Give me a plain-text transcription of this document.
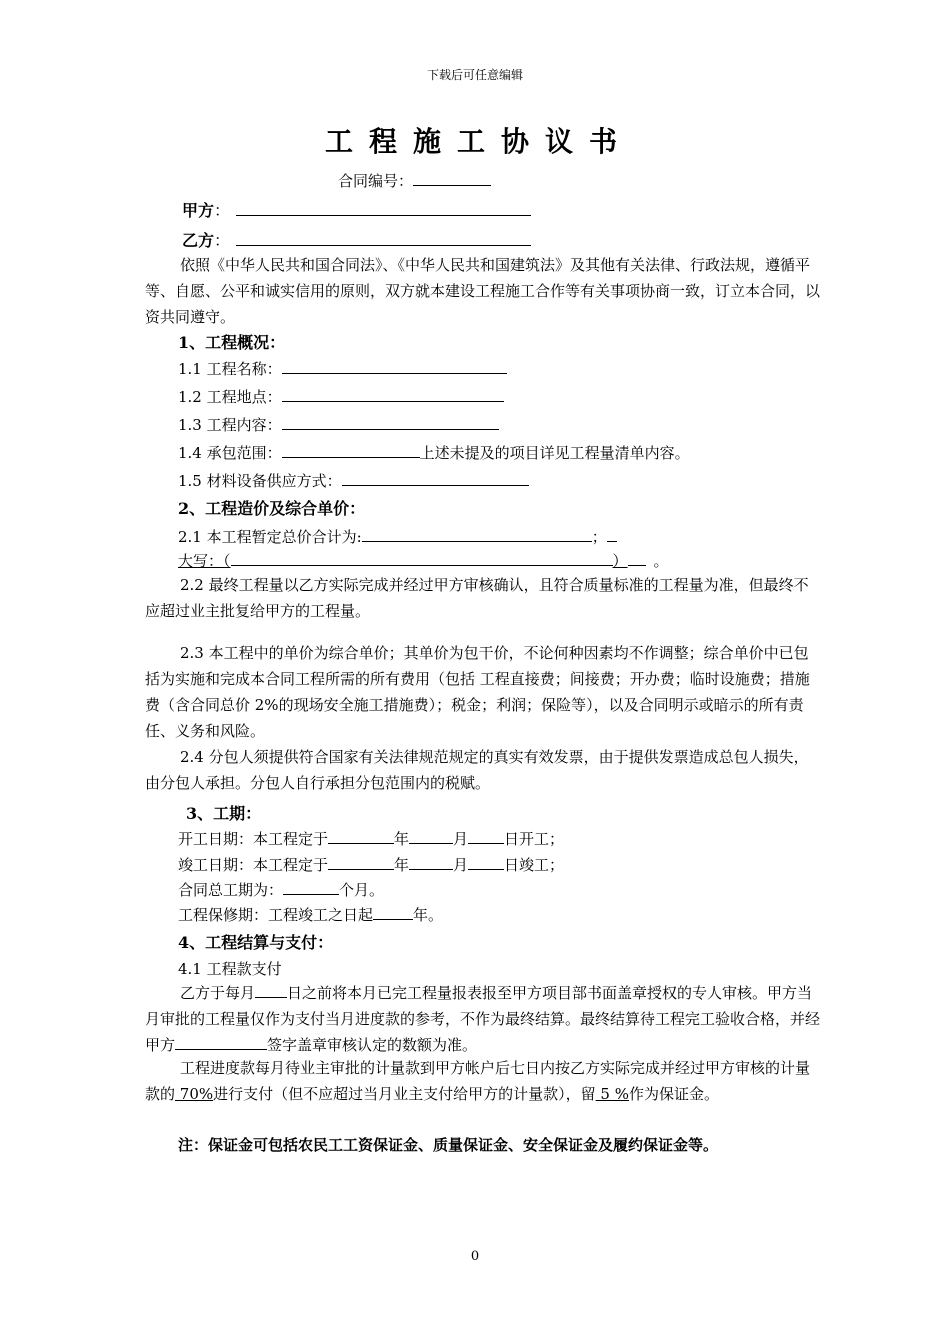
下载后可任意编辑
工程施工协议书
合同编号：
甲方：
乙方：
依照《中华人民共和国合同法》、《中华人民共和国建筑法》及其他有关法律、行政法规，遵循平等、自愿、公平和诚实信用的原则，双方就本建设工程施工合作等有关事项协商一致，订立本合同，以资共同遵守。
1、工程概况：
1.1 工程名称：
1.2 工程地点：
1.3 工程内容：
1.4 承包范围：	上述未提及的项目详见工程量清单内容。
1.5 材料设备供应方式：
2、工程造价及综合单价：
2.1 本工程暂定总价合计为:	；
大写：（	） 。
2.2 最终工程量以乙方实际完成并经过甲方审核确认，且符合质量标准的工程量为准，但最终不应超过业主批复给甲方的工程量。
2.3 本工程中的单价为综合单价；其单价为包干价，不论何种因素均不作调整；综合单价中已包括为实施和完成本合同工程所需的所有费用（包括 工程直接费；间接费；开办费；临时设施费；措施费（含合同总价 2%的现场安全施工措施费）；税金；利润；保险等），以及合同明示或暗示的所有责任、义务和风险。
2.4 分包人须提供符合国家有关法律规范规定的真实有效发票，由于提供发票造成总包人损失，由分包人承担。分包人自行承担分包范围内的税赋。
3、工期：
开工日期：本工程定于	年	月 日开工；
竣工日期：本工程定于	年	月 日竣工；
合同总工期为：	个月。
工程保修期：工程竣工之日起	年。
4、工程结算与支付：
4.1 工程款支付
乙方于每月 日之前将本月已完工程量报表报至甲方项目部书面盖章授权的专人审核。甲方当月审批的工程量仅作为支付当月进度款的参考，不作为最终结算。最终结算待工程完工验收合格，并经甲方	签字盖章审核认定的数额为准。
工程进度款每月待业主审批的计量款到甲方帐户后七日内按乙方实际完成并经过甲方审核的计量款的 70%进行支付（但不应超过当月业主支付给甲方的计量款），留 5 %作为保证金。
注：保证金可包括农民工工资保证金、质量保证金、安全保证金及履约保证金等。
0
